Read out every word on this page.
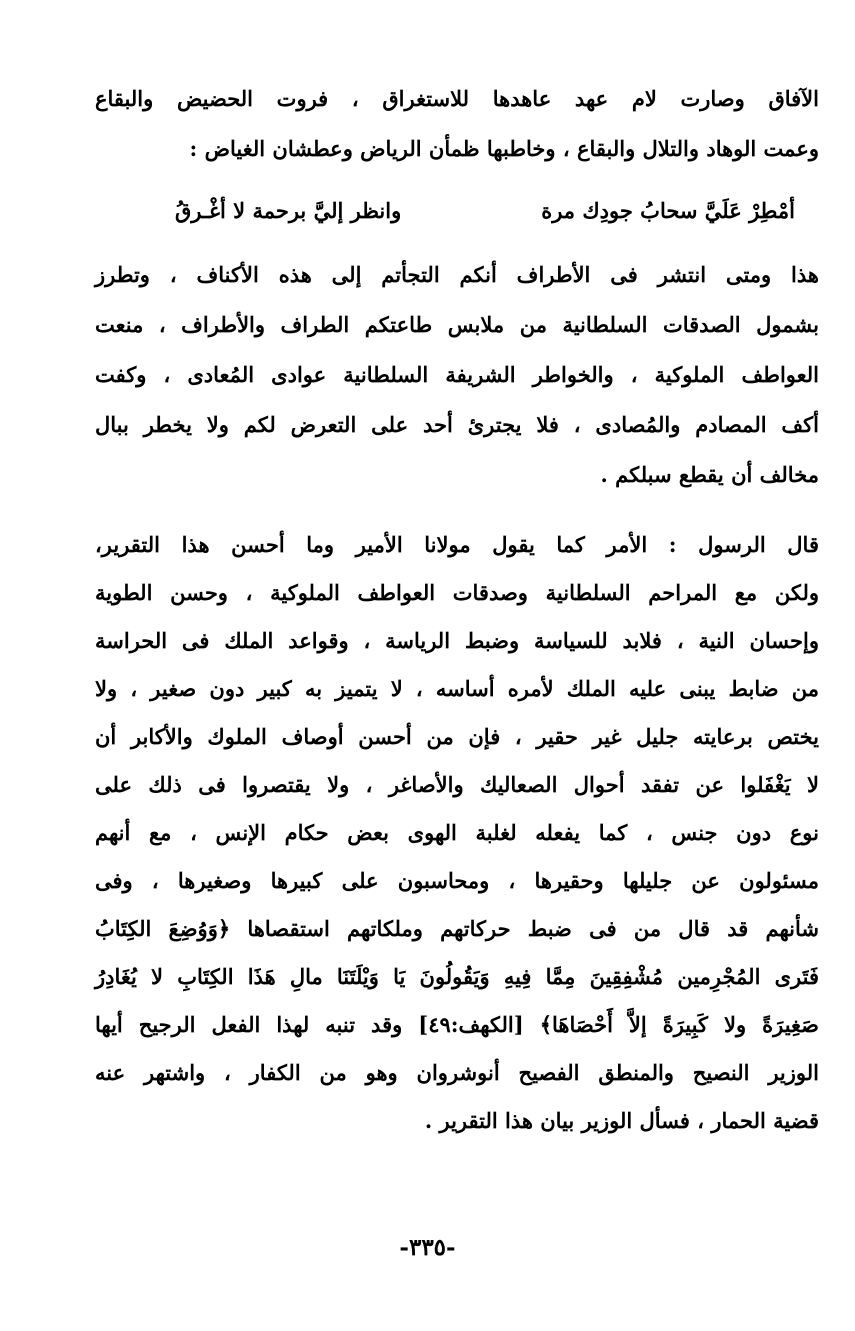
الآفاق وصارت لام عهد عاهدها للاستغراق ، فروت الحضيض والبقاع
وعمت الوهاد والتلال والبقاع ، وخاطبها ظمأن الرياض وعطشان الغياض :
أمْطِرْ عَلَيَّ سحابُ جودِك مرة
وانظر إليَّ برحمة لا أغْـرقُ
هذا ومتى انتشر فى الأطراف أنكم التجأتم إلى هذه الأكناف ، وتطرز
بشمول الصدقات السلطانية من ملابس طاعتكم الطراف والأطراف ، منعت
العواطف الملوكية ، والخواطر الشريفة السلطانية عوادى المُعادى ، وكفت
أكف المصادم والمُصادى ، فلا يجترئ أحد على التعرض لكم ولا يخطر ببال
مخالف أن يقطع سبلكم .
قال الرسول : الأمر كما يقول مولانا الأمير وما أحسن هذا التقرير،
ولكن مع المراحم السلطانية وصدقات العواطف الملوكية ، وحسن الطوية
وإحسان النية ، فلابد للسياسة وضبط الرياسة ، وقواعد الملك فى الحراسة
من ضابط يبنى عليه الملك لأمره أساسه ، لا يتميز به كبير دون صغير ، ولا
يختص برعايته جليل غير حقير ، فإن من أحسن أوصاف الملوك والأكابر أن
لا يَغْفَلوا عن تفقد أحوال الصعاليك والأصاغر ، ولا يقتصروا فى ذلك على
نوع دون جنس ، كما يفعله لغلبة الهوى بعض حكام الإنس ، مع أنهم
مسئولون عن جليلها وحقيرها ، ومحاسبون على كبيرها وصغيرها ، وفى
شأنهم قد قال من فى ضبط حركاتهم وملكاتهم استقصاها ﴿وَوُضِعَ الكِتَابُ
فَتَرى المُجْرِمين مُشْفِقِينَ مِمَّا فِيهِ وَيَقُولُونَ يَا وَيْلَتَنَا مالِ هَذَا الكِتَابِ لا يُغَادِرُ
صَغِيرَةً ولا كَبِيرَةً إلاَّ أَحْصَاهَا﴾ [الكهف:٤٩] وقد تنبه لهذا الفعل الرجيح أيها
الوزير النصيح والمنطق الفصيح أنوشروان وهو من الكفار ، واشتهر عنه
قضية الحمار ، فسأل الوزير بيان هذا التقرير .
-٣٣٥-
